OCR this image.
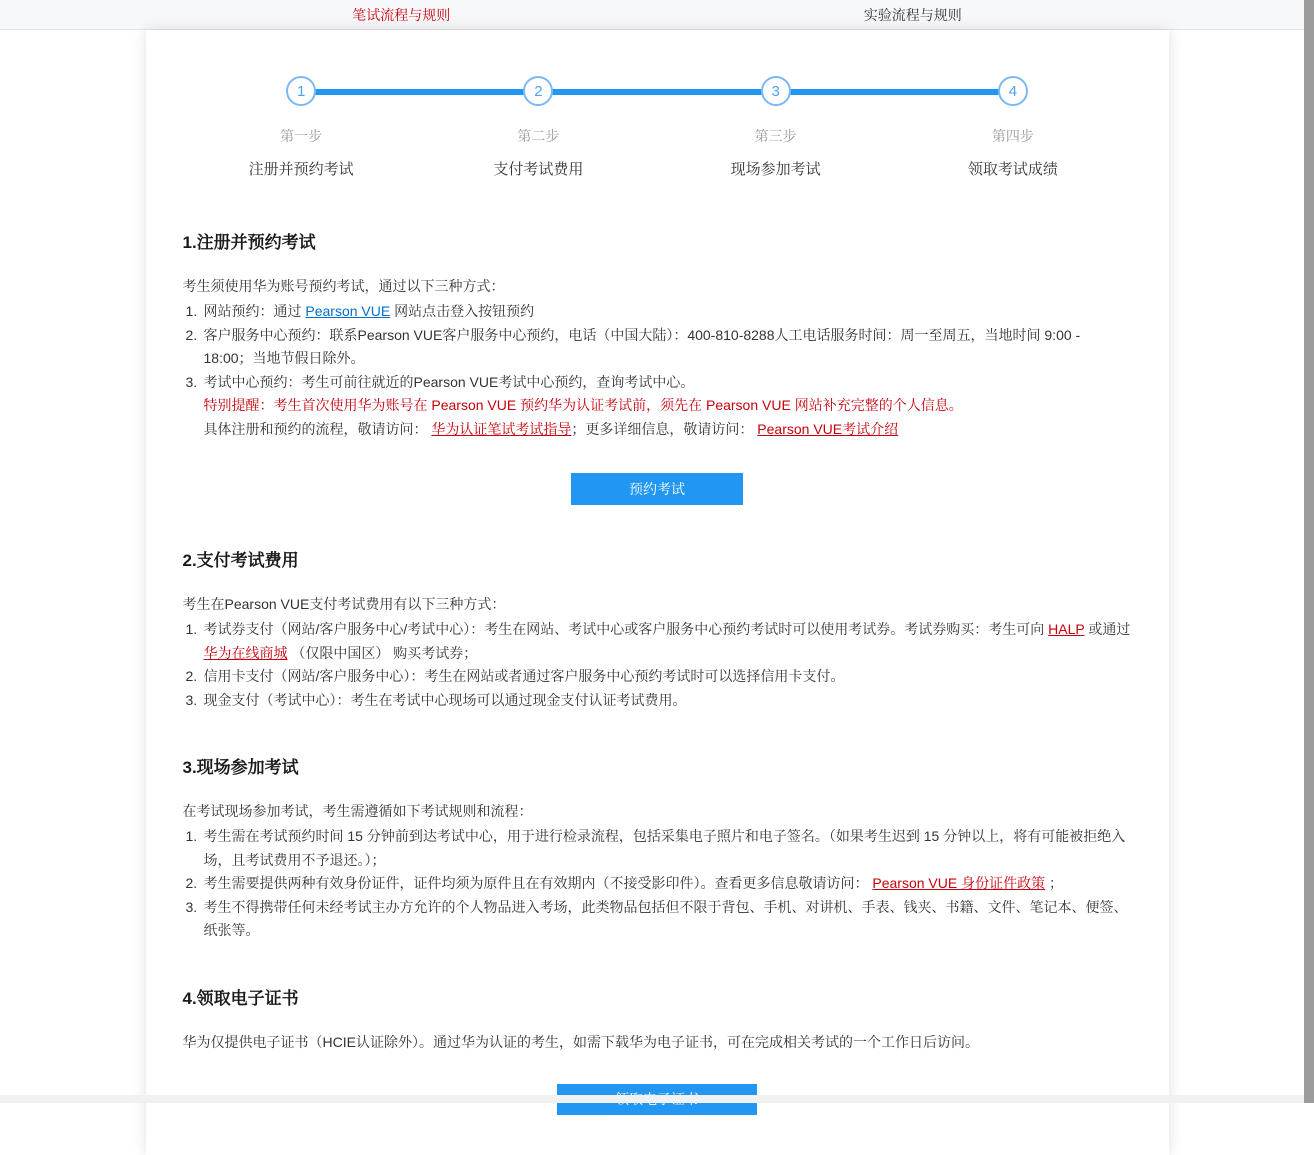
笔试流程与规则	实验流程与规则
1	2	3	4
第一步	第二步	第三步	第四步
注册并预约考试	支付考试费用	现场参加考试	领取考试成绩
1.注册并预约考试
考生须使用华为账号预约考试，通过以下三种方式：
1. 网站预约：通过 Pearson VUE 网站点击登入按钮预约
2. 客户服务中心预约：联系Pearson VUE客户服务中心预约，电话（中国大陆）：400-810-8288人工电话服务时间：周一至周五，当地时间 9:00 - 18:00；当地节假日除外。
3. 考试中心预约：考生可前往就近的Pearson VUE考试中心预约，查询考试中心。
特别提醒：考生首次使用华为账号在 Pearson VUE 预约华为认证考试前，须先在 Pearson VUE 网站补充完整的个人信息。
具体注册和预约的流程，敬请访问： 华为认证笔试考试指导；更多详细信息，敬请访问： Pearson VUE考试介绍
预约考试
2.支付考试费用
考生在Pearson VUE支付考试费用有以下三种方式：
1. 考试券支付（网站/客户服务中心/考试中心）：考生在网站、考试中心或客户服务中心预约考试时可以使用考试券。考试券购买：考生可向 HALP 或通过 华为在线商城 （仅限中国区） 购买考试券；
2. 信用卡支付（网站/客户服务中心）：考生在网站或者通过客户服务中心预约考试时可以选择信用卡支付。
3. 现金支付（考试中心）：考生在考试中心现场可以通过现金支付认证考试费用。
3.现场参加考试
在考试现场参加考试，考生需遵循如下考试规则和流程：
1. 考生需在考试预约时间 15 分钟前到达考试中心，用于进行检录流程，包括采集电子照片和电子签名。（如果考生迟到 15 分钟以上，将有可能被拒绝入场，且考试费用不予退还。）；
2. 考生需要提供两种有效身份证件，证件均须为原件且在有效期内（不接受影印件）。查看更多信息敬请访问： Pearson VUE 身份证件政策 ；
3. 考生不得携带任何未经考试主办方允许的个人物品进入考场，此类物品包括但不限于背包、手机、对讲机、手表、钱夹、书籍、文件、笔记本、便签、纸张等。
4.领取电子证书
华为仅提供电子证书（HCIE认证除外）。通过华为认证的考生，如需下载华为电子证书，可在完成相关考试的一个工作日后访问。
